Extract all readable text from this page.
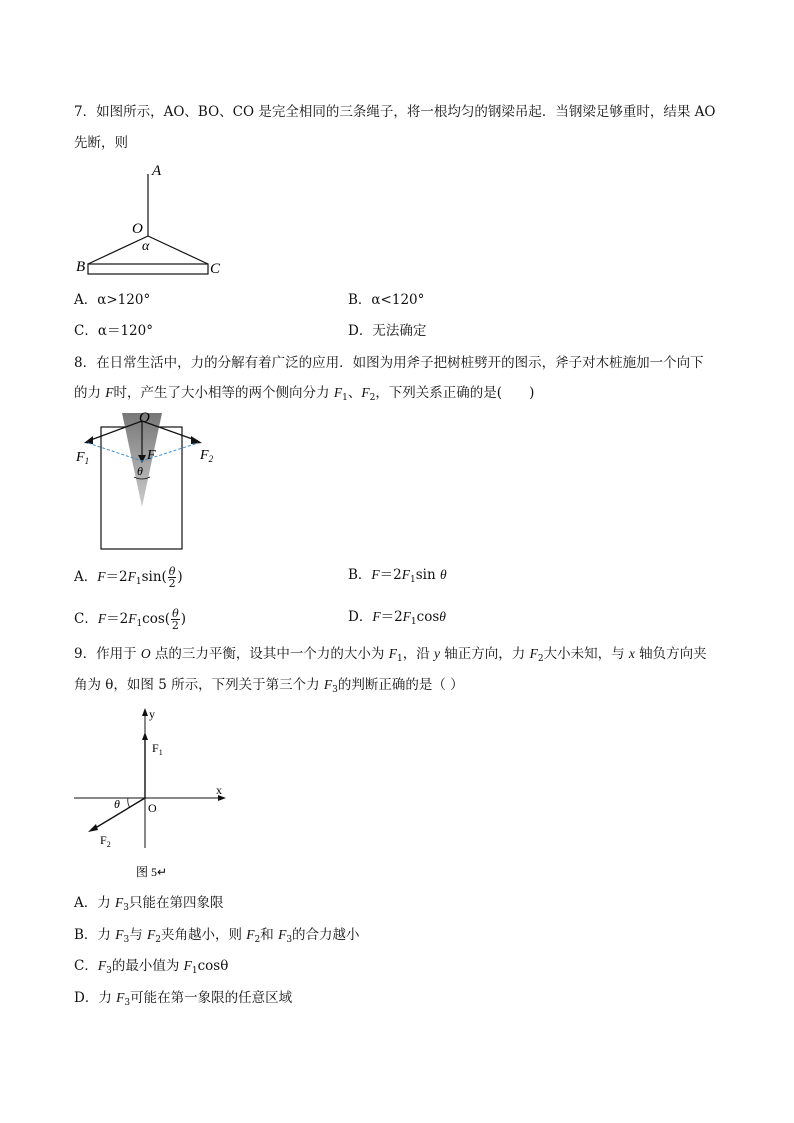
7．如图所示，AO、BO、CO 是完全相同的三条绳子，将一根均匀的钢梁吊起．当钢梁足够重时，结果 AO
先断，则
A
O
α
B	C
A．α>120°	B．α<120°
C．α＝120°	D．无法确定
8．在日常生活中，力的分解有着广泛的应用．如图为用斧子把树桩劈开的图示，斧子对木桩施加一个向下
的力 F时，产生了大小相等的两个侧向分力 $F_1$、$F_2$，下列关系正确的是(　　)
O
F
$F_1$	$F_2$
θ
A．$F=2F_1\sin( \frac{\theta}{2}$ )	B．$F=2F_1\sin$ θ
C．$F=2F_1\cos( \frac{\theta}{2}$ )	D．$F=2F_1\cos\theta$
9．作用于 O 点的三力平衡，设其中一个力的大小为 $F_1$，沿 y 轴正方向，力 $F_2$大小未知，与 x 轴负方向夹
角为 θ，如图 5 所示，下列关于第三个力 $F_3$的判断正确的是（ ）
y
x
$F_1$
θ O
$F_2$
图 5↵
A．力 $F_3$只能在第四象限
B．力 $F_3$与 $F_2$夹角越小，则 $F_2$和 $F_3$的合力越小
C．$F_3$的最小值为 $F_1\cos\theta$
D．力 $F_3$可能在第一象限的任意区域
